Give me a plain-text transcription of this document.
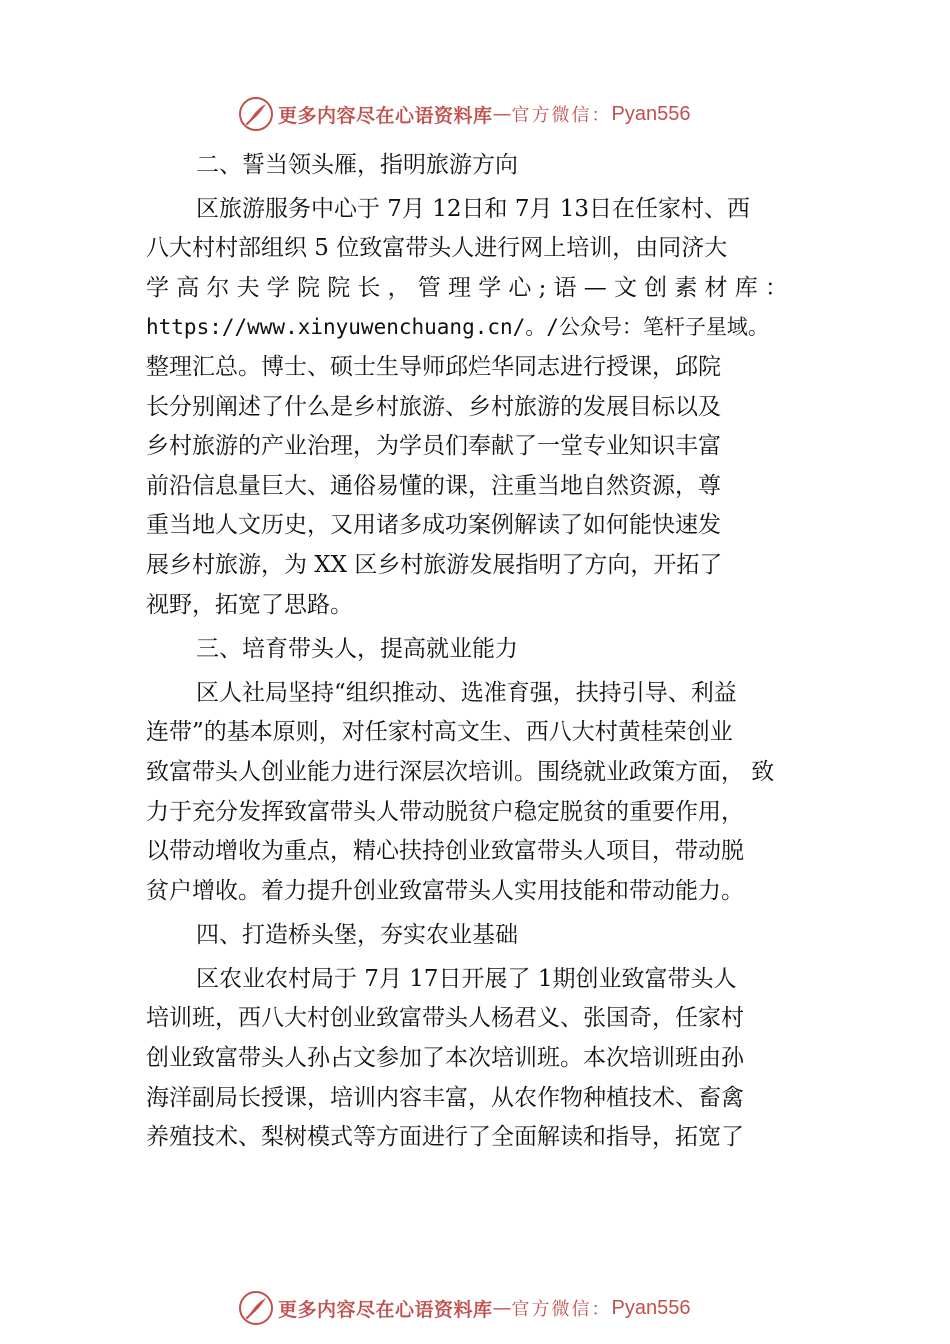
更多内容尽在心语资料库 — 官方微信： Pyan556
二、誓当领头雁，指明旅游方向
区旅游服务中心于 7月 12日和 7月 13日在任家村、西
八大村村部组织 5 位致富带头人进行网上培训，由同济大
学高尔夫学院院长，管理学心;语—文创素材库：
https://www.xinyuwenchuang.cn/。/公众号：笔杆子星域。
整理汇总。博士、硕士生导师邱烂华同志进行授课，邱院
长分别阐述了什么是乡村旅游、乡村旅游的发展目标以及
乡村旅游的产业治理，为学员们奉献了一堂专业知识丰富
前沿信息量巨大、通俗易懂的课，注重当地自然资源，尊
重当地人文历史，又用诸多成功案例解读了如何能快速发
展乡村旅游，为 XX 区乡村旅游发展指明了方向，开拓了
视野，拓宽了思路。
三、培育带头人，提高就业能力
区人社局坚持“组织推动、选准育强，扶持引导、利益
连带”的基本原则，对任家村高文生、西八大村黄桂荣创业
致富带头人创业能力进行深层次培训。围绕就业政策方面， 致
力于充分发挥致富带头人带动脱贫户稳定脱贫的重要作用，
以带动增收为重点，精心扶持创业致富带头人项目，带动脱
贫户增收。着力提升创业致富带头人实用技能和带动能力。
四、打造桥头堡，夯实农业基础
区农业农村局于 7月 17日开展了 1期创业致富带头人
培训班，西八大村创业致富带头人杨君义、张国奇，任家村
创业致富带头人孙占文参加了本次培训班。本次培训班由孙
海洋副局长授课，培训内容丰富，从农作物种植技术、畜禽
养殖技术、梨树模式等方面进行了全面解读和指导，拓宽了
更多内容尽在心语资料库 — 官方微信： Pyan556
